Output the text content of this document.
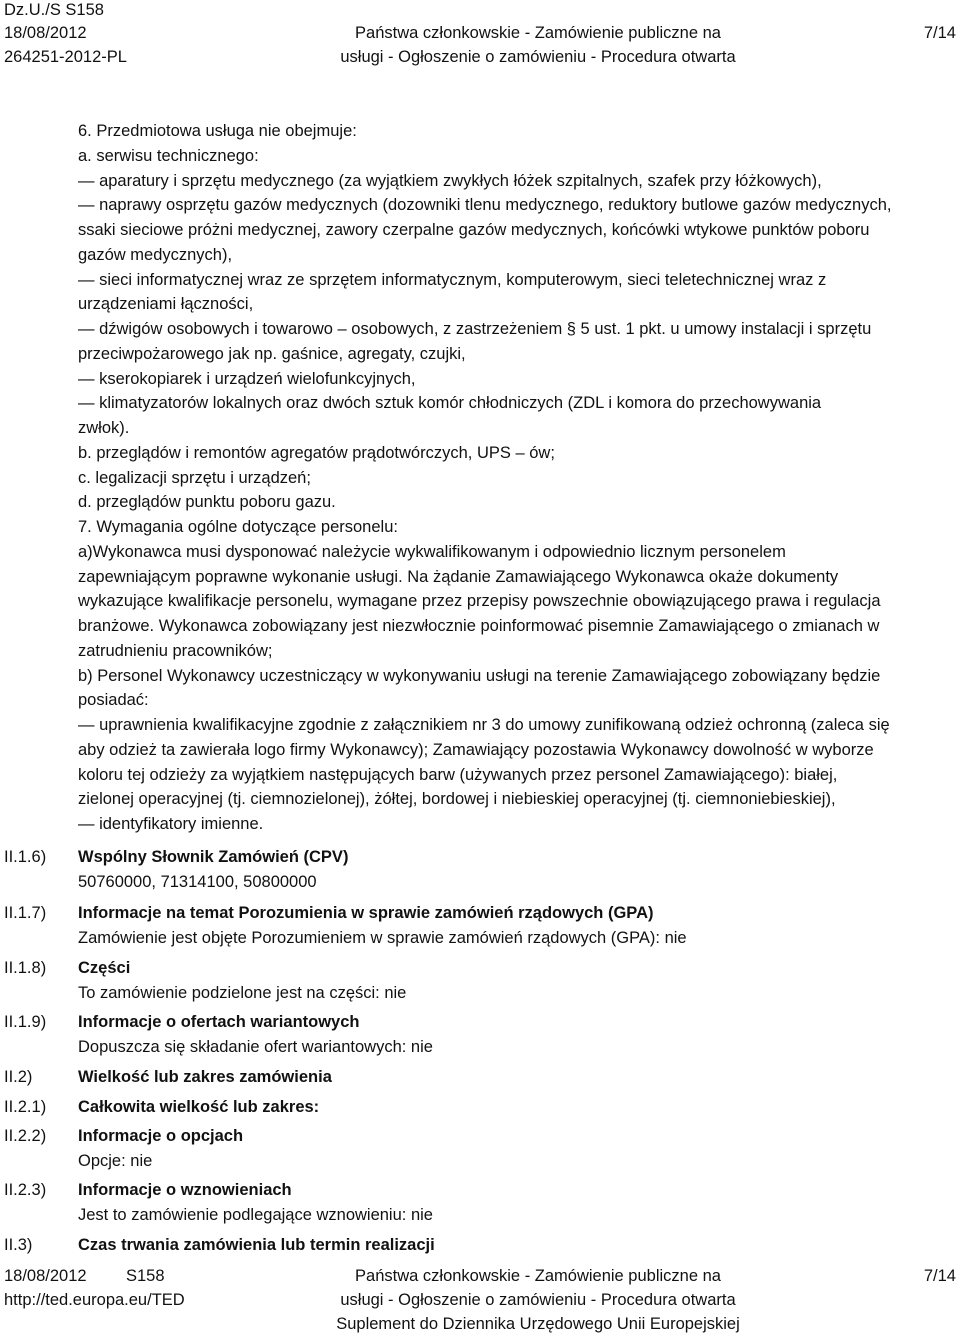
Dz.U./S S158
18/08/2012
264251-2012-PL
Państwa członkowskie - Zamówienie publiczne na
usługi - Ogłoszenie o zamówieniu - Procedura otwarta
7/14
6. Przedmiotowa usługa nie obejmuje:
a. serwisu technicznego:
— aparatury i sprzętu medycznego (za wyjątkiem zwykłych łóżek szpitalnych, szafek przy łóżkowych),
— naprawy osprzętu gazów medycznych (dozowniki tlenu medycznego, reduktory butlowe gazów medycznych,
ssaki sieciowe próżni medycznej, zawory czerpalne gazów medycznych, końcówki wtykowe punktów poboru
gazów medycznych),
— sieci informatycznej wraz ze sprzętem informatycznym, komputerowym, sieci teletechnicznej wraz z
urządzeniami łączności,
— dźwigów osobowych i towarowo – osobowych, z zastrzeżeniem § 5 ust. 1 pkt. u umowy instalacji i sprzętu
przeciwpożarowego jak np. gaśnice, agregaty, czujki,
— kserokopiarek i urządzeń wielofunkcyjnych,
— klimatyzatorów lokalnych oraz dwóch sztuk komór chłodniczych (ZDL i komora do przechowywania
zwłok).
b. przeglądów i remontów agregatów prądotwórczych, UPS – ów;
c. legalizacji sprzętu i urządzeń;
d. przeglądów punktu poboru gazu.
7. Wymagania ogólne dotyczące personelu:
a)Wykonawca musi dysponować należycie wykwalifikowanym i odpowiednio licznym personelem
zapewniającym poprawne wykonanie usługi. Na żądanie Zamawiającego Wykonawca okaże dokumenty
wykazujące kwalifikacje personelu, wymagane przez przepisy powszechnie obowiązującego prawa i regulacja
branżowe. Wykonawca zobowiązany jest niezwłocznie poinformować pisemnie Zamawiającego o zmianach w
zatrudnieniu pracowników;
b) Personel Wykonawcy uczestniczący w wykonywaniu usługi na terenie Zamawiającego zobowiązany będzie
posiadać:
— uprawnienia kwalifikacyjne zgodnie z załącznikiem nr 3 do umowy zunifikowaną odzież ochronną (zaleca się
aby odzież ta zawierała logo firmy Wykonawcy); Zamawiający pozostawia Wykonawcy dowolność w wyborze
koloru tej odzieży za wyjątkiem następujących barw (używanych przez personel Zamawiającego): białej,
zielonej operacyjnej (tj. ciemnozielonej), żółtej, bordowej i niebieskiej operacyjnej (tj. ciemnoniebieskiej),
— identyfikatory imienne.
II.1.6) Wspólny Słownik Zamówień (CPV)
50760000, 71314100, 50800000
II.1.7) Informacje na temat Porozumienia w sprawie zamówień rządowych (GPA)
Zamówienie jest objęte Porozumieniem w sprawie zamówień rządowych (GPA): nie
II.1.8) Części
To zamówienie podzielone jest na części: nie
II.1.9) Informacje o ofertach wariantowych
Dopuszcza się składanie ofert wariantowych: nie
II.2)	Wielkość lub zakres zamówienia
II.2.1) Całkowita wielkość lub zakres:
II.2.2) Informacje o opcjach
Opcje: nie
II.2.3) Informacje o wznowieniach
Jest to zamówienie podlegające wznowieniu: nie
II.3)	Czas trwania zamówienia lub termin realizacji
18/08/2012 S158
http://ted.europa.eu/TED
Państwa członkowskie - Zamówienie publiczne na
usługi - Ogłoszenie o zamówieniu - Procedura otwarta
Suplement do Dziennika Urzędowego Unii Europejskiej
7/14
